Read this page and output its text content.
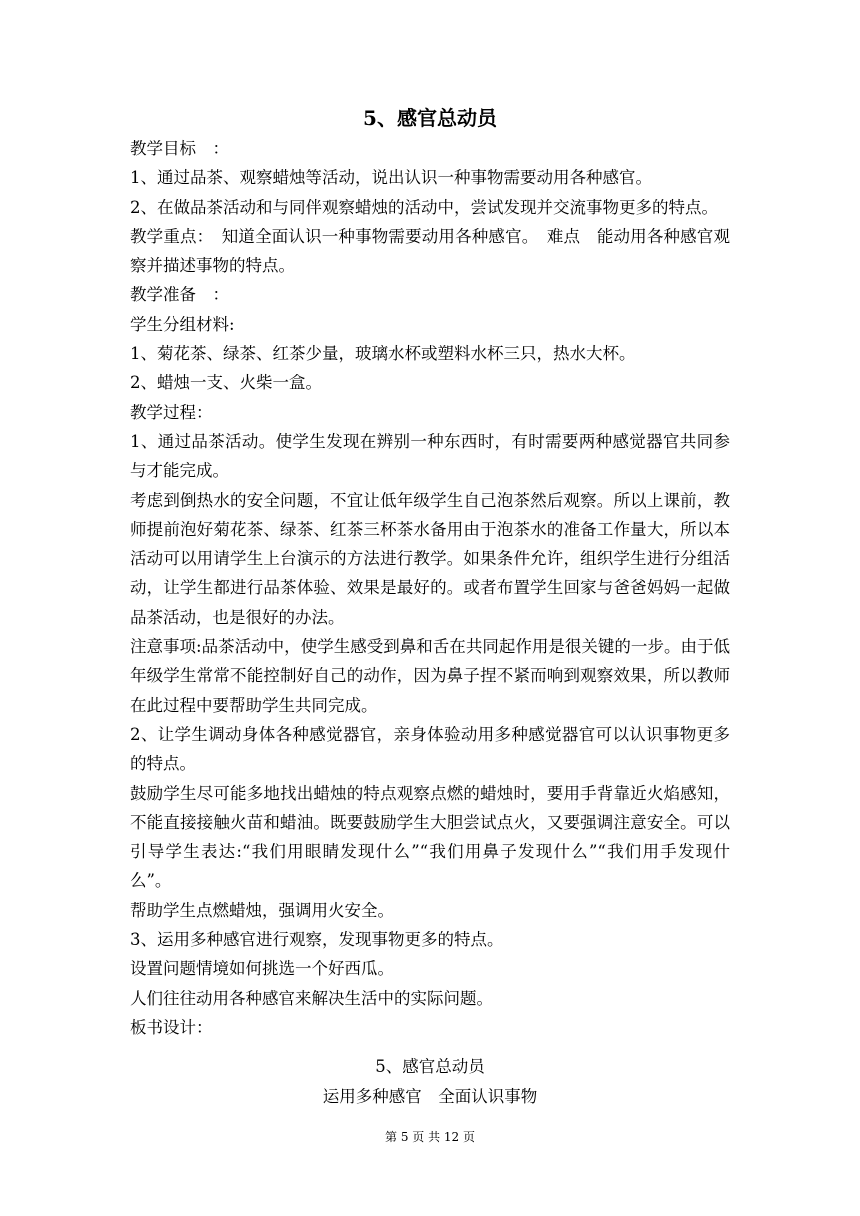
5、感官总动员

教学目标　：

1、通过品茶、观察蜡烛等活动，说出认识一种事物需要动用各种感官。

2、在做品茶活动和与同伴观察蜡烛的活动中，尝试发现并交流事物更多的特点。

教学重点：　知道全面认识一种事物需要动用各种感官。　难点　能动用各种感官观察并描述事物的特点。

教学准备　：

学生分组材料:

1、菊花茶、绿茶、红茶少量，玻璃水杯或塑料水杯三只，热水大杯。

2、蜡烛一支、火柴一盒。

教学过程：

1、通过品茶活动。使学生发现在辨别一种东西时，有时需要两种感觉器官共同参与才能完成。

考虑到倒热水的安全问题，不宜让低年级学生自己泡茶然后观察。所以上课前，教师提前泡好菊花茶、绿茶、红茶三杯茶水备用由于泡茶水的准备工作量大，所以本活动可以用请学生上台演示的方法进行教学。如果条件允许，组织学生进行分组活动，让学生都进行品茶体验、效果是最好的。或者布置学生回家与爸爸妈妈一起做品茶活动，也是很好的办法。

注意事项:品茶活动中，使学生感受到鼻和舌在共同起作用是很关键的一步。由于低年级学生常常不能控制好自己的动作，因为鼻子捏不紧而响到观察效果，所以教师在此过程中要帮助学生共同完成。

2、让学生调动身体各种感觉器官，亲身体验动用多种感觉器官可以认识事物更多的特点。

鼓励学生尽可能多地找出蜡烛的特点观察点燃的蜡烛时，要用手背靠近火焰感知，不能直接接触火苗和蜡油。既要鼓励学生大胆尝试点火，又要强调注意安全。可以引导学生表达:“我们用眼睛发现什么”“我们用鼻子发现什么”“我们用手发现什么”。

帮助学生点燃蜡烛，强调用火安全。

3、运用多种感官进行观察，发现事物更多的特点。

设置问题情境如何挑选一个好西瓜。

人们往往动用各种感官来解决生活中的实际问题。

板书设计：

5、感官总动员
运用多种感官　全面认识事物
第 5 页 共 12 页
